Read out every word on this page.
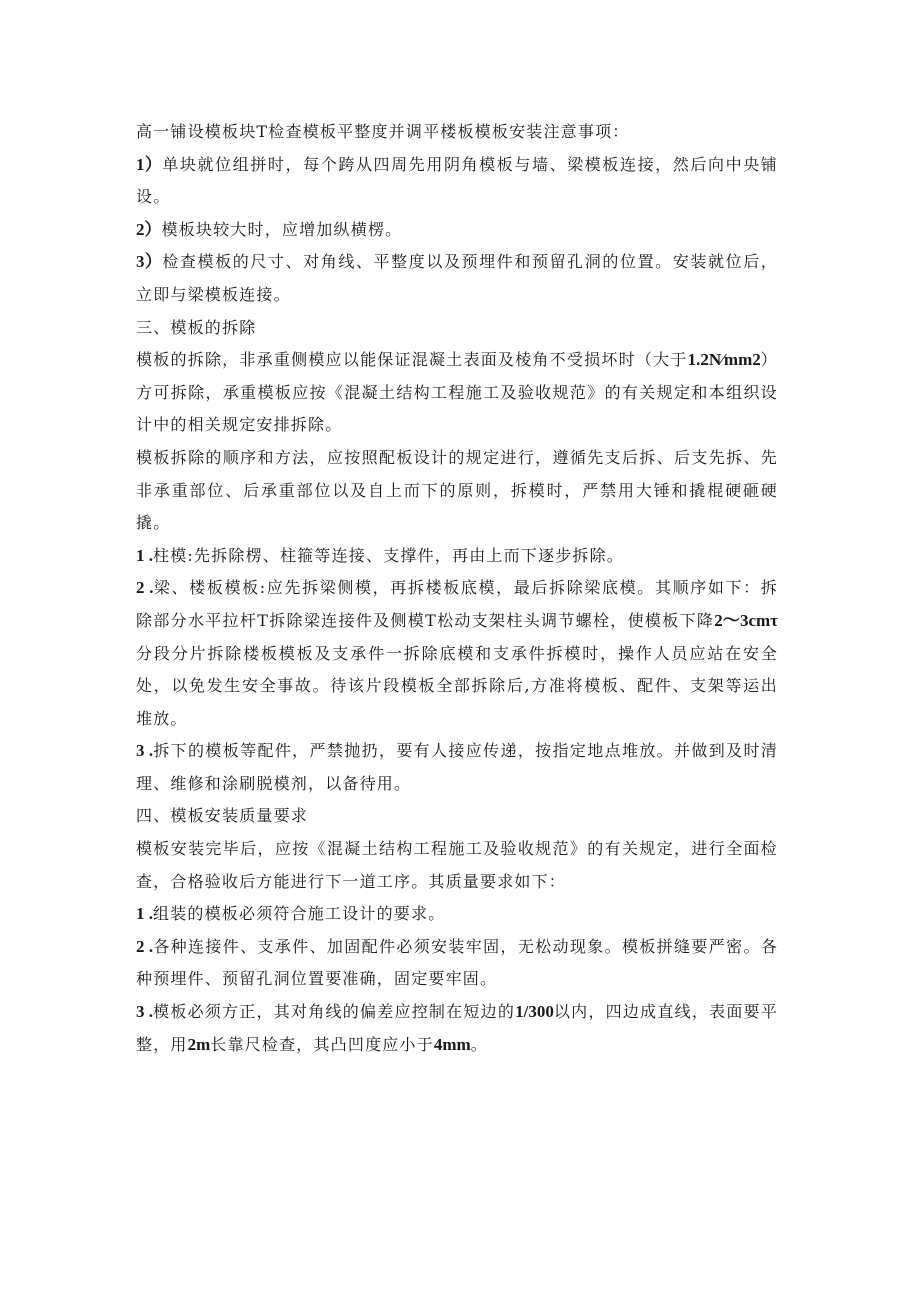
高一铺设模板块T检查模板平整度并调平楼板模板安装注意事项：

1）单块就位组拼时，每个跨从四周先用阴角模板与墙、梁模板连接，然后向中央铺设。

2）模板块较大时，应增加纵横楞。

3）检查模板的尺寸、对角线、平整度以及预埋件和预留孔洞的位置。安装就位后，立即与梁模板连接。

三、模板的拆除

模板的拆除，非承重侧模应以能保证混凝土表面及棱角不受损坏时（大于1.2N∕mm2）方可拆除，承重模板应按《混凝土结构工程施工及验收规范》的有关规定和本组织设计中的相关规定安排拆除。

模板拆除的顺序和方法，应按照配板设计的规定进行，遵循先支后拆、后支先拆、先非承重部位、后承重部位以及自上而下的原则，拆模时，严禁用大锤和撬棍硬砸硬撬。

1 .柱模:先拆除楞、柱箍等连接、支撑件，再由上而下逐步拆除。

2 .梁、楼板模板:应先拆梁侧模，再拆楼板底模，最后拆除梁底模。其顺序如下：拆除部分水平拉杆T拆除梁连接件及侧模T松动支架柱头调节螺栓，使模板下降2～3cmτ分段分片拆除楼板模板及支承件一拆除底模和支承件拆模时，操作人员应站在安全处，以免发生安全事故。待该片段模板全部拆除后,方准将模板、配件、支架等运出堆放。

3 .拆下的模板等配件，严禁抛扔，要有人接应传递，按指定地点堆放。并做到及时清理、维修和涂刷脱模剂，以备待用。

四、模板安装质量要求

模板安装完毕后，应按《混凝土结构工程施工及验收规范》的有关规定，进行全面检查，合格验收后方能进行下一道工序。其质量要求如下：

1 .组装的模板必须符合施工设计的要求。

2 .各种连接件、支承件、加固配件必须安装牢固，无松动现象。模板拼缝要严密。各种预埋件、预留孔洞位置要准确，固定要牢固。

3 .模板必须方正，其对角线的偏差应控制在短边的1/300以内，四边成直线，表面要平整，用2m长靠尺检查，其凸凹度应小于4mm。
